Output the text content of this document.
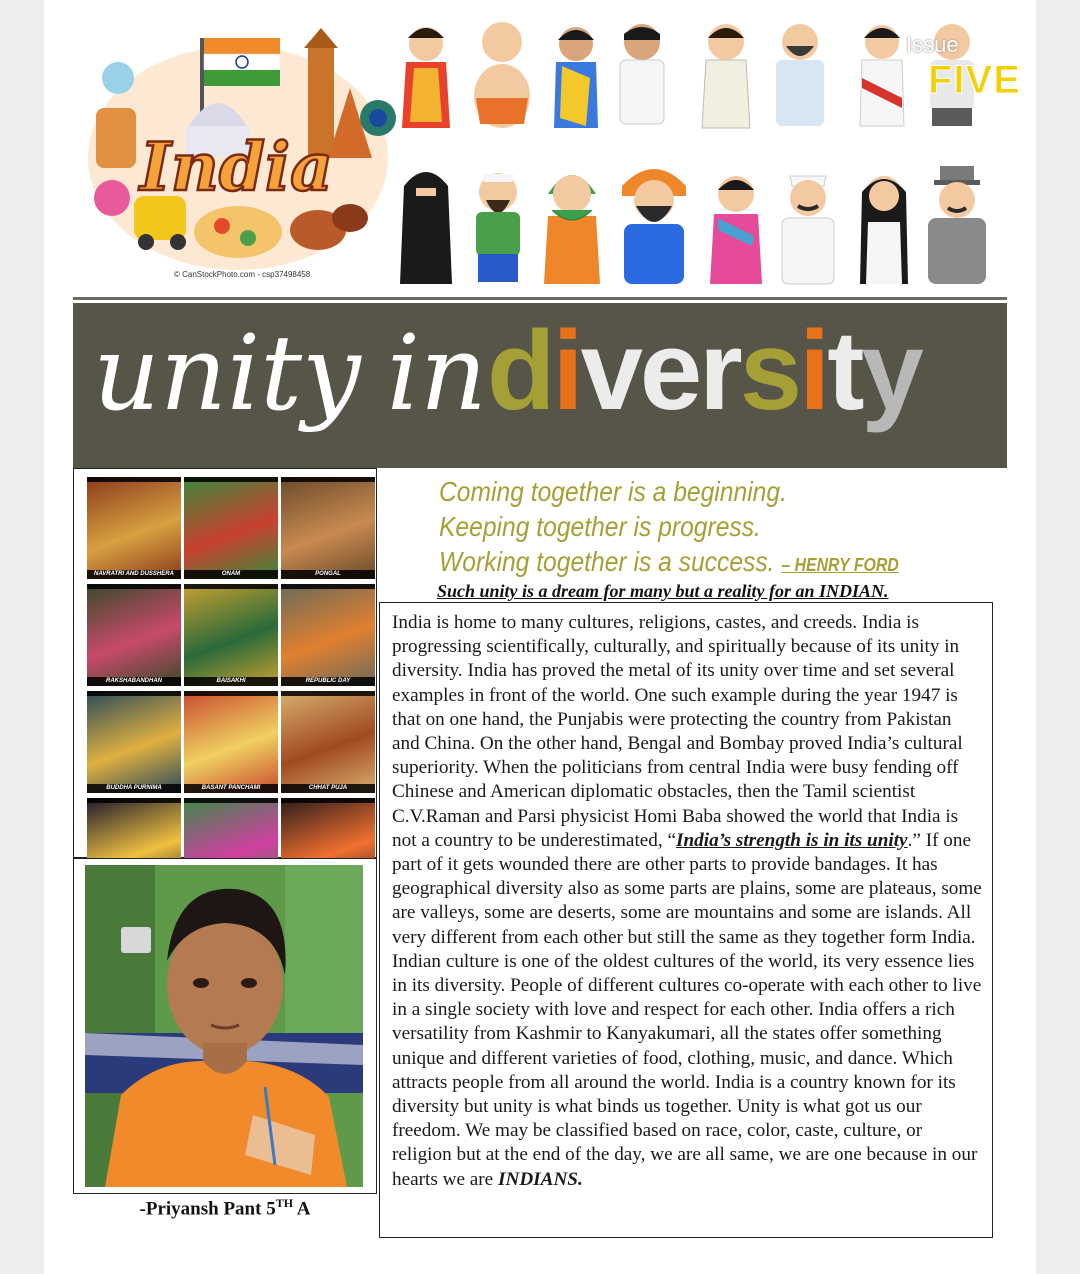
India
© CanStockPhoto.com - csp37498458
Issue
FIVE
unity indiversity
Coming together is a beginning.
Keeping together is progress.
Working together is a success. – HENRY FORD
Such unity is a dream for many but a reality for an INDIAN.
NAVRATRI AND DUSSHERA	ONAM	PONGAL
RAKSHABANDHAN	BAISAKHI	REPUBLIC DAY
BUDDHA PURNIMA	BASANT PANCHAMI	CHHAT PUJA
-Priyansh Pant 5TH A

India is home to many cultures, religions, castes, and creeds. India is progressing scientifically, culturally, and spiritually because of its unity in diversity. India has proved the metal of its unity over time and set several examples in front of the world. One such example during the year 1947 is that on one hand, the Punjabis were protecting the country from Pakistan and China. On the other hand, Bengal and Bombay proved India’s cultural superiority. When the politicians from central India were busy fending off Chinese and American diplomatic obstacles, then the Tamil scientist C.V.Raman and Parsi physicist Homi Baba showed the world that India is not a country to be underestimated, “India’s strength is in its unity.” If one part of it gets wounded there are other parts to provide bandages. It has geographical diversity also as some parts are plains, some are plateaus, some are valleys, some are deserts, some are mountains and some are islands. All very different from each other but still the same as they together form India.

Indian culture is one of the oldest cultures of the world, its very essence lies in its diversity. People of different cultures co-operate with each other to live in a single society with love and respect for each other. India offers a rich versatility from Kashmir to Kanyakumari, all the states offer something unique and different varieties of food, clothing, music, and dance. Which attracts people from all around the world. India is a country known for its diversity but unity is what binds us together. Unity is what got us our freedom. We may be classified based on race, color, caste, culture, or religion but at the end of the day, we are all same, we are one because in our hearts we are INDIANS.
